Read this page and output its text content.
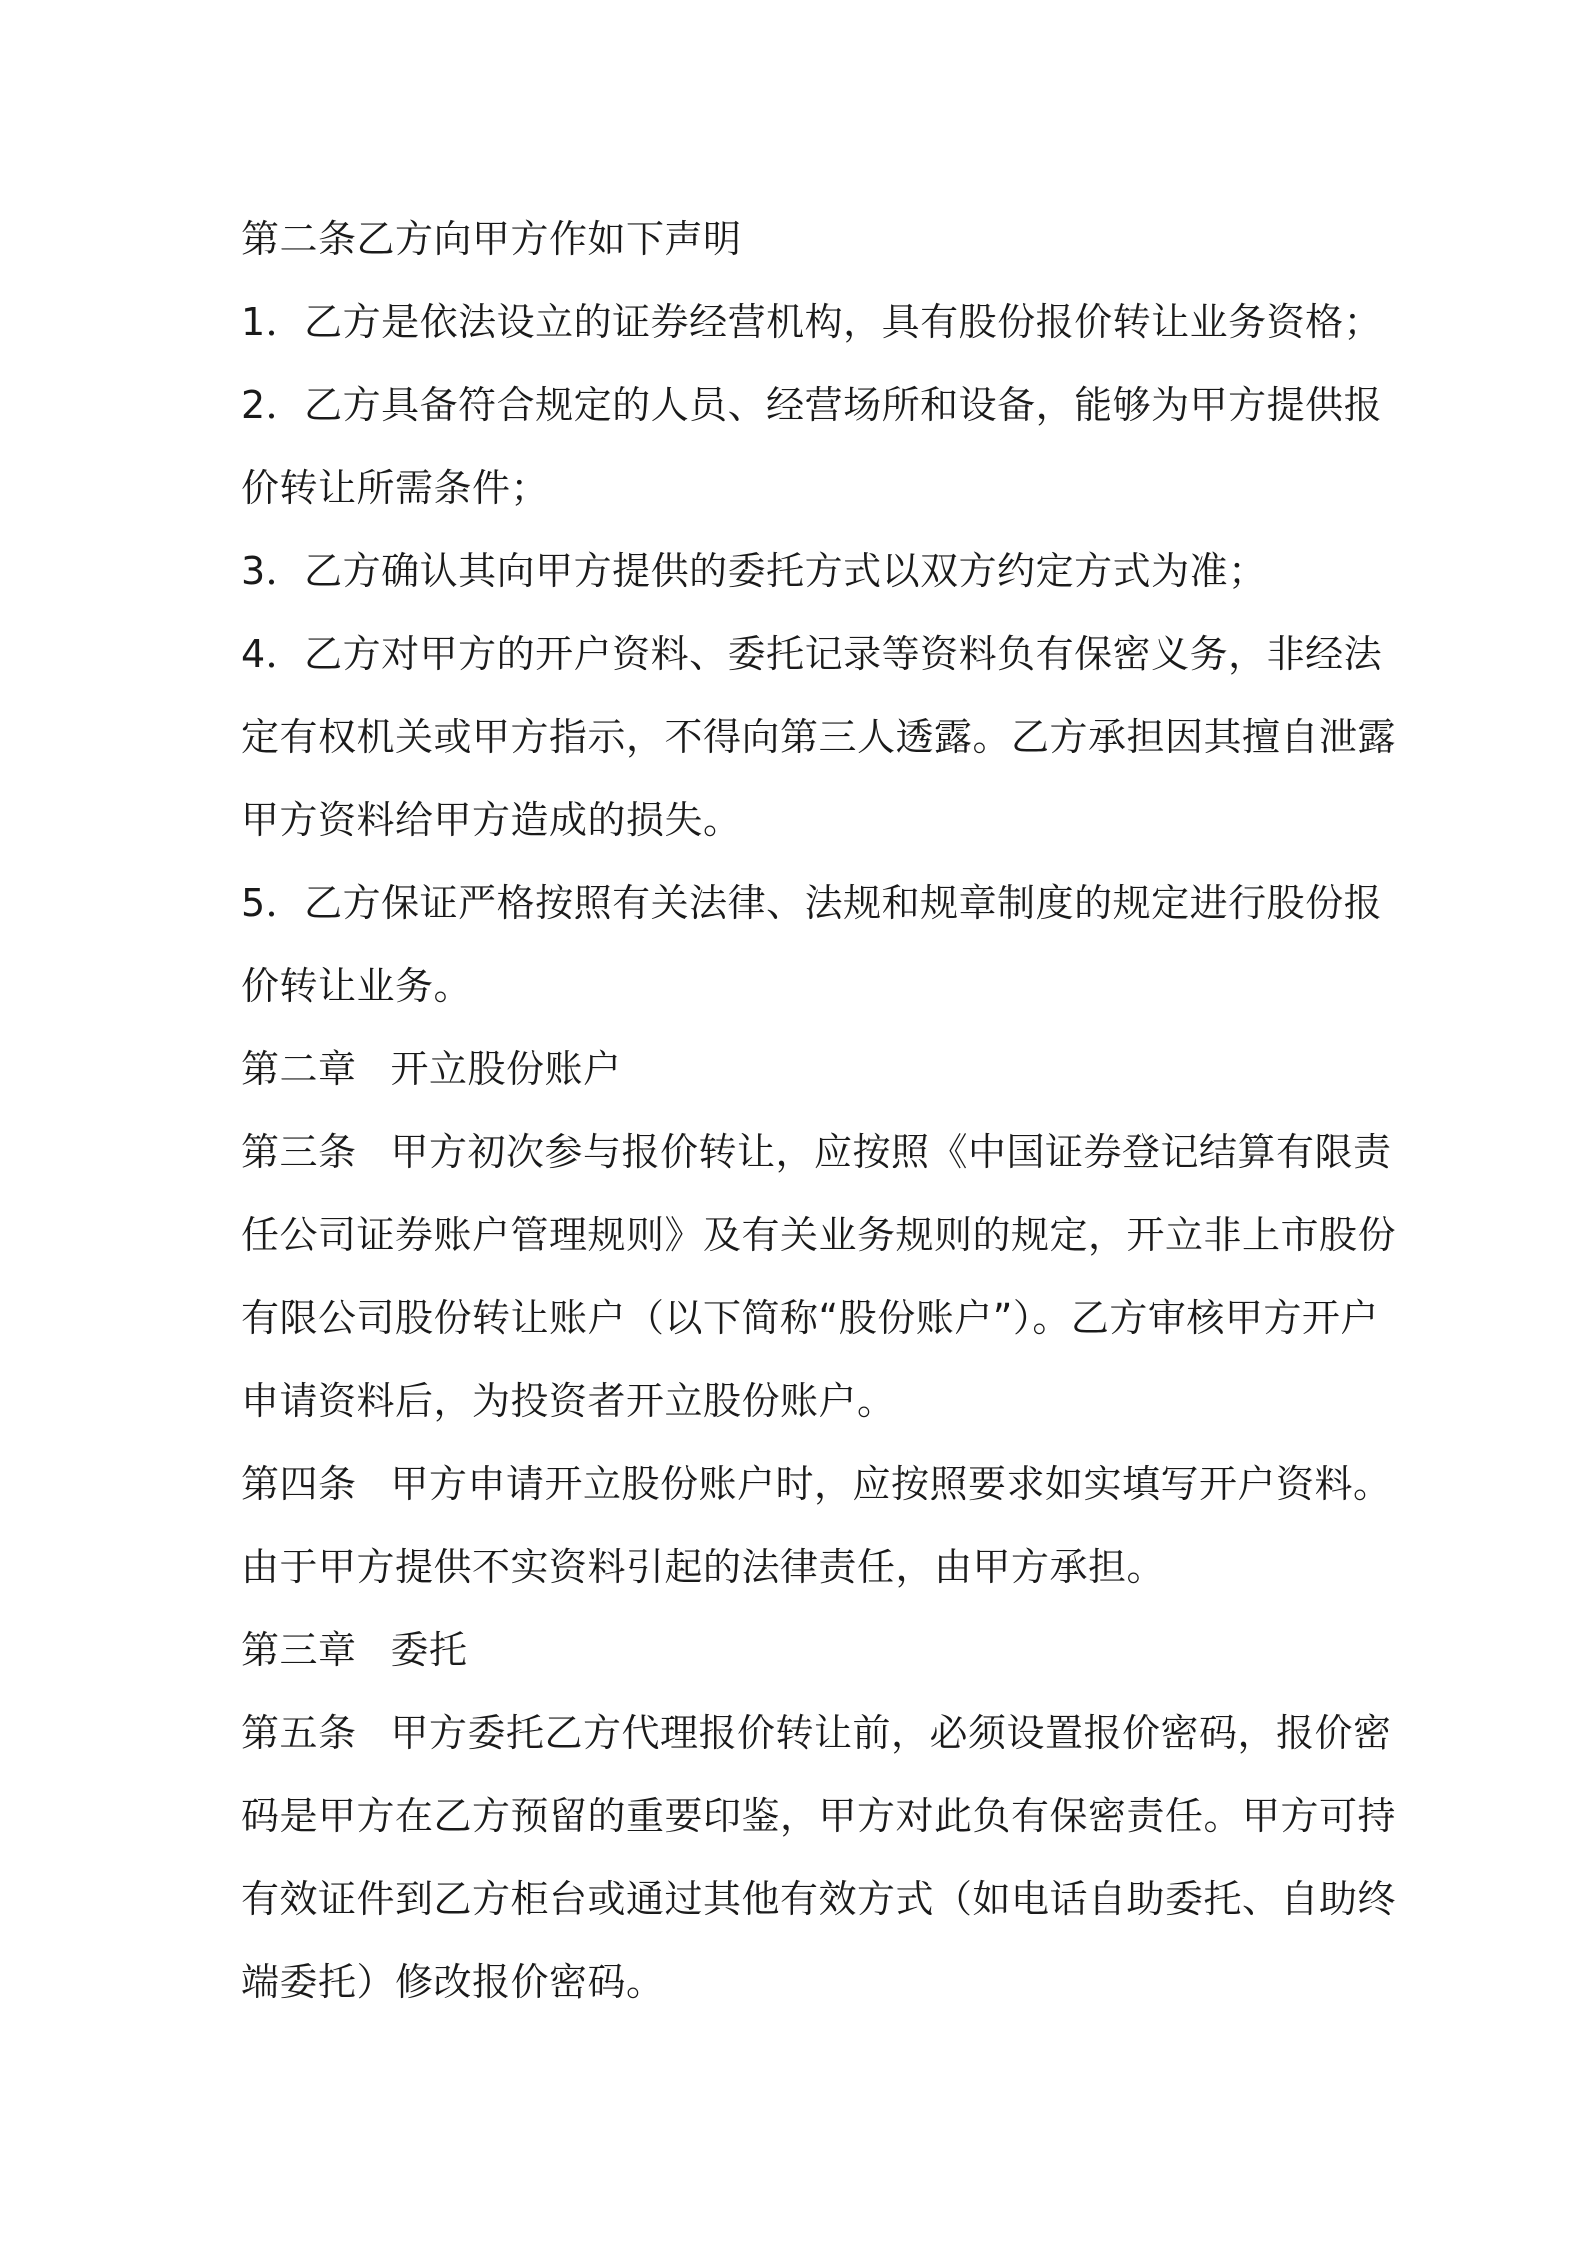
第二条乙方向甲方作如下声明
1．乙方是依法设立的证券经营机构，具有股份报价转让业务资格；
2．乙方具备符合规定的人员、经营场所和设备，能够为甲方提供报
价转让所需条件；
3．乙方确认其向甲方提供的委托方式以双方约定方式为准；
4．乙方对甲方的开户资料、委托记录等资料负有保密义务，非经法
定有权机关或甲方指示，不得向第三人透露。乙方承担因其擅自泄露
甲方资料给甲方造成的损失。
5．乙方保证严格按照有关法律、法规和规章制度的规定进行股份报
价转让业务。
第二章 开立股份账户
第三条 甲方初次参与报价转让，应按照《中国证券登记结算有限责
任公司证券账户管理规则》及有关业务规则的规定，开立非上市股份
有限公司股份转让账户（以下简称“股份账户”）。乙方审核甲方开户
申请资料后，为投资者开立股份账户。
第四条 甲方申请开立股份账户时，应按照要求如实填写开户资料。
由于甲方提供不实资料引起的法律责任，由甲方承担。
第三章 委托
第五条 甲方委托乙方代理报价转让前，必须设置报价密码，报价密
码是甲方在乙方预留的重要印鉴，甲方对此负有保密责任。甲方可持
有效证件到乙方柜台或通过其他有效方式（如电话自助委托、自助终
端委托）修改报价密码。
